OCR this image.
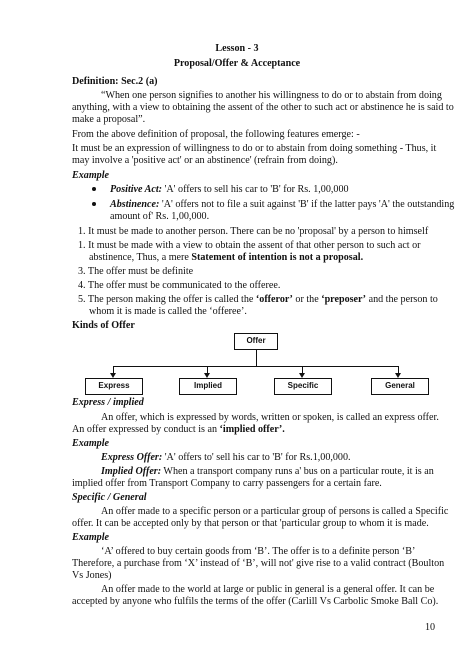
Lesson - 3
Proposal/Offer & Acceptance
Definition: Sec.2 (a)
“When one person signifies to another his willingness to do or to abstain from doing
anything, with a view to obtaining the assent of the other to such act or abstinence he is said to
make a proposal”.
From the above definition of proposal, the following features emerge: -
It must be an expression of willingness to do or to abstain from doing something - Thus, it
may involve a 'positive act' or an abstinence' (refrain from doing).
Example
Positive Act: 'A' offers to sell his car to 'B' for Rs. 1,00,000
Abstinence: 'A' offers not to file a suit against 'B' if the latter pays 'A' the outstanding
amount of' Rs. 1,00,000.
1. It must be made to another person. There can be no 'proposal' by a person to himself
1. It must be made with a view to obtain the assent of that other person to such act or
abstinence, Thus, a mere Statement of intention is not a proposal.
3. The offer must be definite
4. The offer must be communicated to the offeree.
5. The person making the offer is called the ‘offeror’ or the ‘preposer’ and the person to
whom it is made is called the ‘offeree’.
Kinds of Offer
Offer
Express	Implied	Specific	General
Express / implied
An offer, which is expressed by words, written or spoken, is called an express offer.
An offer expressed by conduct is an ‘implied offer’.
Example
Express Offer: 'A' offers to' sell his car to 'B' for Rs.1,00,000.
Implied Offer: When a transport company runs a' bus on a particular route, it is an
implied offer from Transport Company to carry passengers for a certain fare.
Specific / General
An offer made to a specific person or a particular group of persons is called a Specific
offer. It can be accepted only by that person or that 'particular group to whom it is made.
Example
‘A’ offered to buy certain goods from ‘B’. The offer is to a definite person ‘B’
Therefore, a purchase from ‘X’ instead of ‘B’, will not' give rise to a valid contract (Boulton
Vs Jones)
An offer made to the world at large or public in general is a general offer. It can be
accepted by anyone who fulfils the terms of the offer (Carlill Vs Carbolic Smoke Ball Co).
10
